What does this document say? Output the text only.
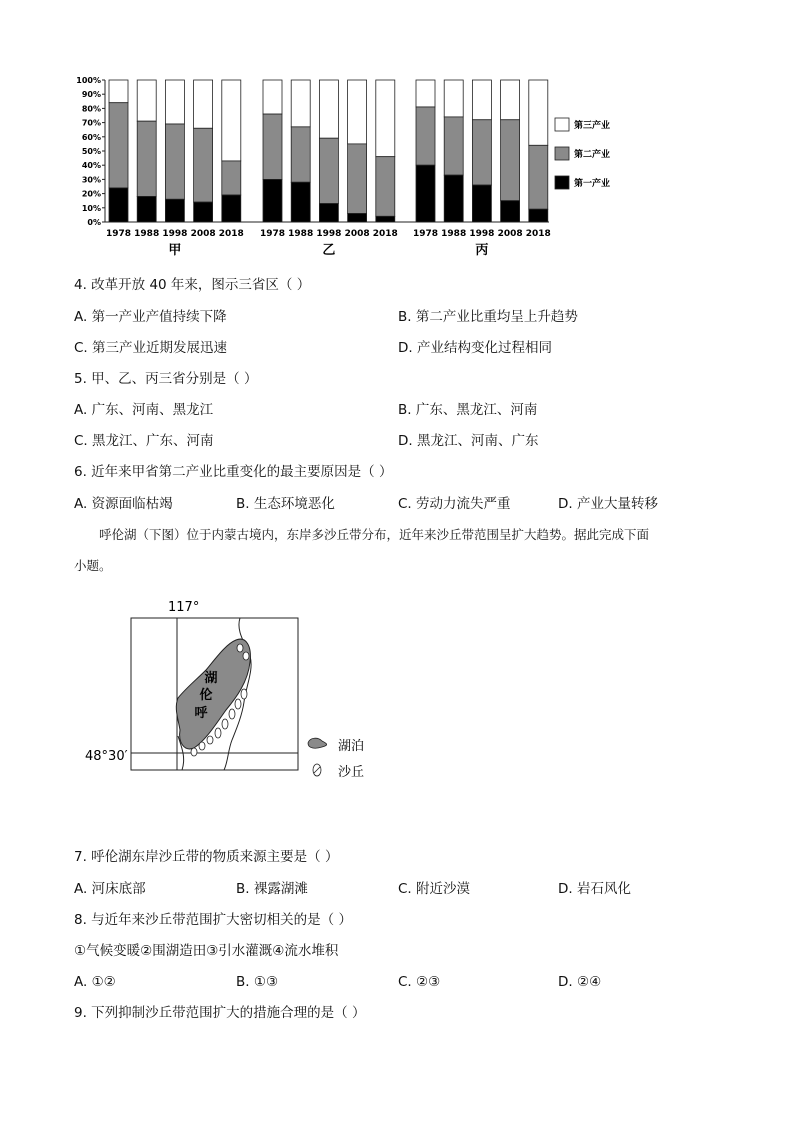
100%
90%
80%
70%
60%
50%
40%
30%
20%
10%
0%
1978 1988 1998 2008 2018
甲
1978 1988 1998 2008 2018
乙
1978 1988 1998 2008 2018
丙
第三产业
第二产业
第一产业
4. 改革开放 40 年来，图示三省区（ ）
A. 第一产业产值持续下降	B. 第二产业比重均呈上升趋势
C. 第三产业近期发展迅速	D. 产业结构变化过程相同
5. 甲、乙、丙三省分别是（ ）
A. 广东、河南、黑龙江	B. 广东、黑龙江、河南
C. 黑龙江、广东、河南	D. 黑龙江、河南、广东
6. 近年来甲省第二产业比重变化的最主要原因是（ ）
A. 资源面临枯竭	B. 生态环境恶化	C. 劳动力流失严重	D. 产业大量转移
呼伦湖（下图）位于内蒙古境内，东岸多沙丘带分布，近年来沙丘带范围呈扩大趋势。据此完成下面
小题。
湖
伦
呼
117°
48°30′
湖泊
沙丘
7. 呼伦湖东岸沙丘带的物质来源主要是（ ）
A. 河床底部	B. 裸露湖滩	C. 附近沙漠	D. 岩石风化
8. 与近年来沙丘带范围扩大密切相关的是（ ）
①气候变暖②围湖造田③引水灌溉④流水堆积
A. ①②	B. ①③	C. ②③	D. ②④
9. 下列抑制沙丘带范围扩大的措施合理的是（ ）
